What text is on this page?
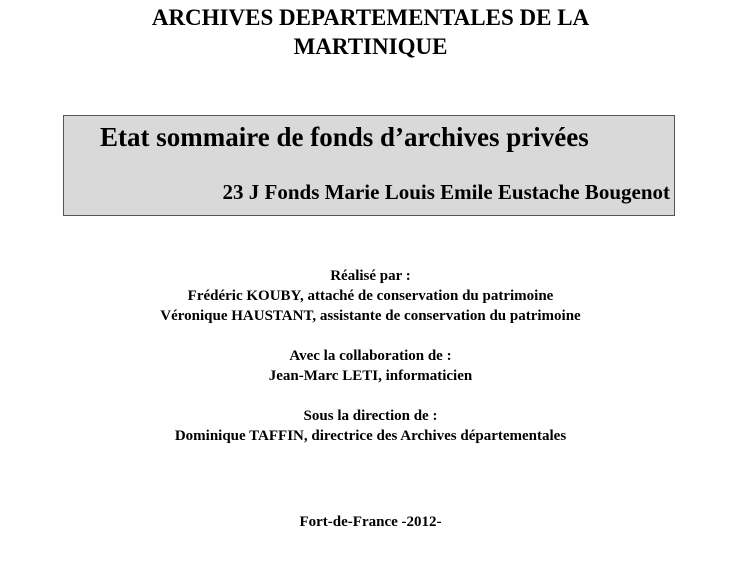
ARCHIVES DEPARTEMENTALES DE LA
MARTINIQUE
Etat sommaire de fonds d’archives privées
23 J Fonds Marie Louis Emile Eustache Bougenot
Réalisé par :
Frédéric KOUBY, attaché de conservation du patrimoine
Véronique HAUSTANT, assistante de conservation du patrimoine
Avec la collaboration de :
Jean-Marc LETI, informaticien
Sous la direction de :
Dominique TAFFIN, directrice des Archives départementales
Fort-de-France -2012-
